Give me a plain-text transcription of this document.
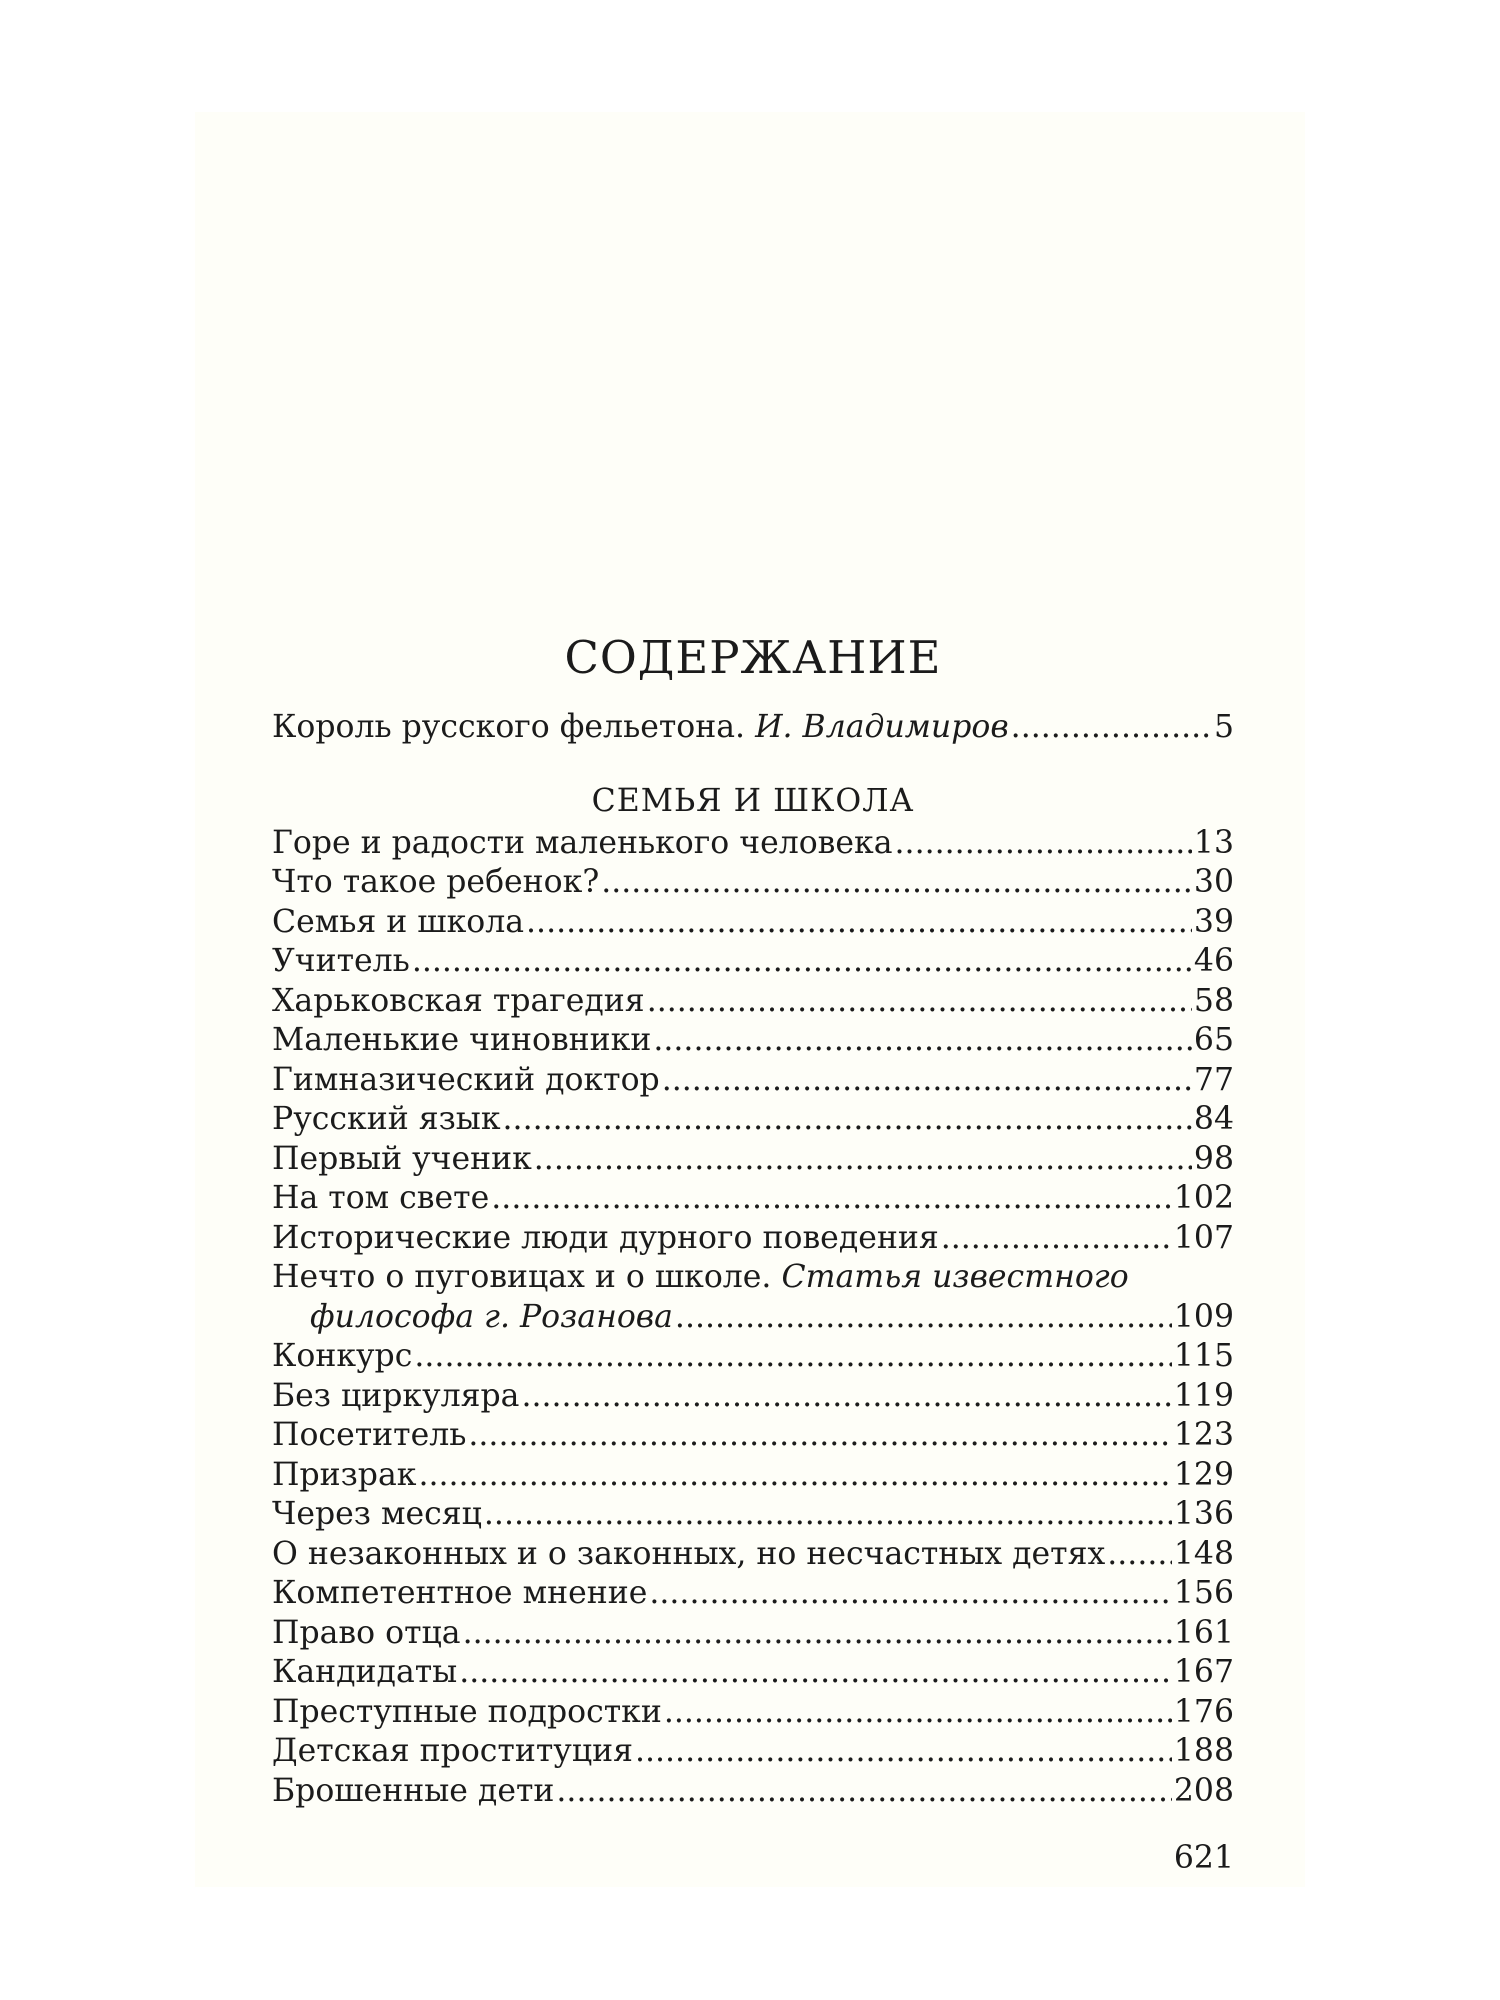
СОДЕРЖАНИЕ
Король русского фельетона. И. Владимиров . . .	5
СЕМЬЯ И ШКОЛА
Горе и радости маленького человека . . .	13
Что такое ребенок? . . .	30
Семья и школа . . .	39
Учитель . . .	46
Харьковская трагедия . . .	58
Маленькие чиновники . . .	65
Гимназический доктор . . .	77
Русский язык . . .	84
Первый ученик . . .	98
На том свете . . .	102
Исторические люди дурного поведения . . .	107
Нечто о пуговицах и о школе. Статья известного
философа г. Розанова . . .	109
Конкурс . . .	115
Без циркуляра . . .	119
Посетитель . . .	123
Призрак . . .	129
Через месяц . . .	136
О незаконных и о законных, но несчастных детях . . . 148
Компетентное мнение . . .	156
Право отца . . .	161
Кандидаты . . .	167
Преступные подростки . . .	176
Детская проституция . . .	188
Брошенные дети . . .	208
621
